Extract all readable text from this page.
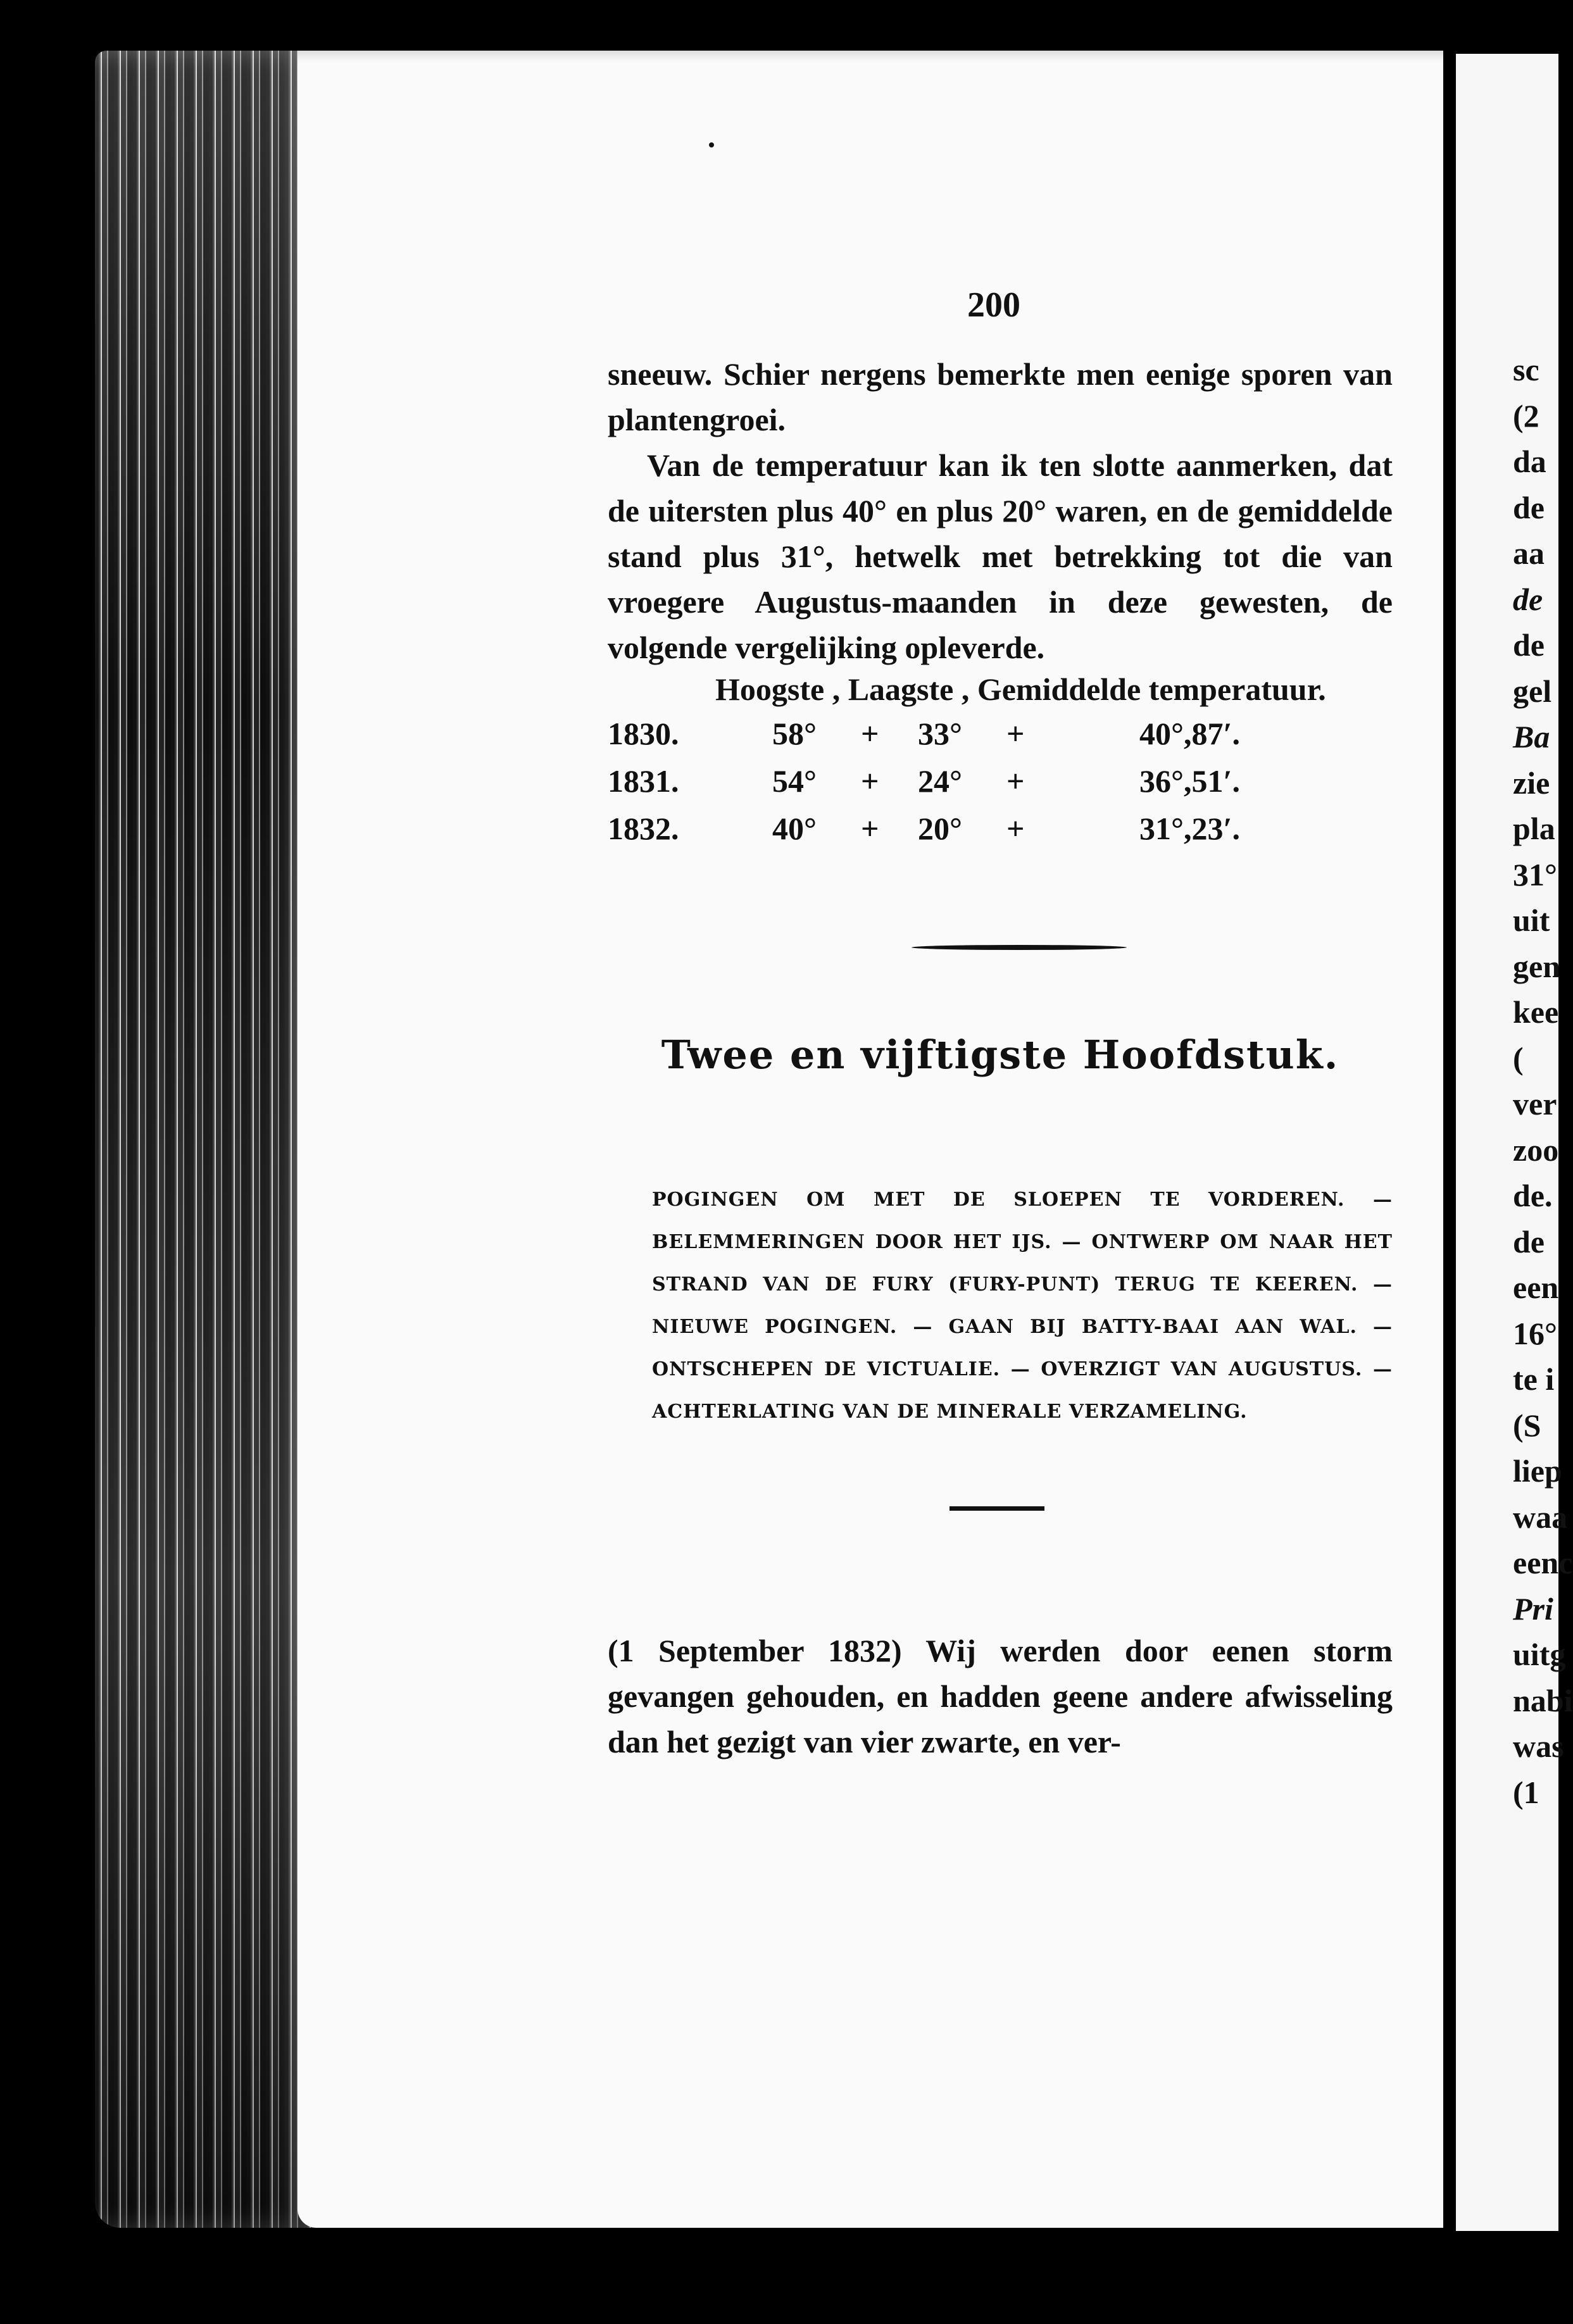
sc
(2
da
de
aa
de
de
gel
Ba
zie
pla
31°
uit
gen
kee
(
ver
zoo
de.
de
een
16°
te i
(S
liep
waa
eenc
Pri
uitg
nabi
was
(1
200

sneeuw. Schier nergens bemerkte men eenige sporen van plantengroei.

Van de temperatuur kan ik ten slotte aanmerken, dat de uitersten plus 40° en plus 20° waren, en de gemiddelde stand plus 31°, hetwelk met betrekking tot die van vroegere Augustus-maanden in deze gewesten, de volgende vergelijking opleverde.

Hoogste , Laagste , Gemiddelde temperatuur.
1830.	58° + 33° +	40°,87′.
1831.	54° + 24° +	36°,51′.
1832.	40° + 20° +	31°,23′.
Twee en vijftigste Hoofdstuk.

POGINGEN OM MET DE SLOEPEN TE VORDEREN. — BELEMMERINGEN DOOR HET IJS. — ONTWERP OM NAAR HET STRAND VAN DE FURY (FURY-PUNT) TERUG TE KEEREN. — NIEUWE POGINGEN. — GAAN BIJ BATTY-BAAI AAN WAL. — ONTSCHEPEN DE VICTUALIE. — OVERZIGT VAN AUGUSTUS. — ACHTERLATING VAN DE MINERALE VERZAMELING.

(1 September 1832) Wij werden door eenen storm gevangen gehouden, en hadden geene andere afwisseling dan het gezigt van vier zwarte, en ver-
